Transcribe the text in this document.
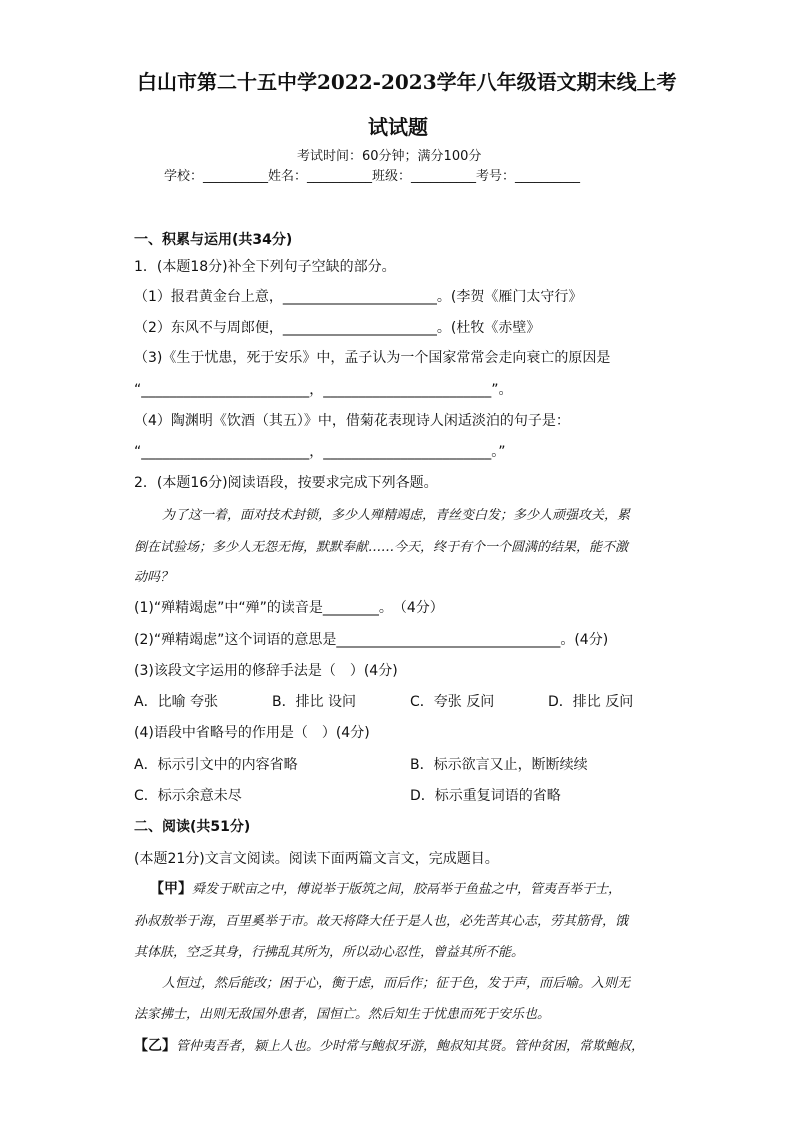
白山市第二十五中学2022-2023学年八年级语文期末线上考
试试题
考试时间：60分钟；满分100分
学校：__________姓名：__________班级：__________考号：__________
一、积累与运用(共34分)
1．(本题18分)补全下列句子空缺的部分。
（1）报君黄金台上意，______________________。(李贺《雁门太守行》
（2）东风不与周郎便，______________________。(杜牧《赤壁》
（3)《生于忧患，死于安乐》中，孟子认为一个国家常常会走向衰亡的原因是
“________________________，________________________”。
（4）陶渊明《饮酒（其五）》中，借菊花表现诗人闲适淡泊的句子是：
“________________________，________________________。”
2．(本题16分)阅读语段，按要求完成下列各题。
为了这一着，面对技术封锁，多少人殚精竭虑，青丝变白发；多少人顽强攻关，累
倒在试验场；多少人无怨无悔，默默奉献……今天，终于有个一个圆满的结果，能不激
动吗？
(1)“殚精竭虑”中“殚”的读音是________。　（4分）
(2)“殚精竭虑”这个词语的意思是________________________________。(4分)
(3)该段文字运用的修辞手法是（　）(4分)
A．比喻 夸张	B．排比 设问	C．夸张 反问	D．排比 反问
(4)语段中省略号的作用是（　）(4分)
A．标示引文中的内容省略	B．标示欲言又止，断断续续
C．标示余意未尽	D．标示重复词语的省略
二、阅读(共51分)
(本题21分)文言文阅读。阅读下面两篇文言文，完成题目。
【甲】舜发于畎亩之中，傅说举于版筑之间，胶鬲举于鱼盐之中，管夷吾举于士，
孙叔敖举于海，百里奚举于市。故天将降大任于是人也，必先苦其心志，劳其筋骨，饿
其体肤，空乏其身，行拂乱其所为，所以动心忍性，曾益其所不能。
人恒过，然后能改；困于心，衡于虑，而后作；征于色，发于声，而后喻。入则无
法家拂士，出则无敌国外患者，国恒亡。然后知生于忧患而死于安乐也。
【乙】管仲夷吾者，颍上人也。少时常与鲍叔牙游，鲍叔知其贤。管仲贫困，常欺鲍叔，
